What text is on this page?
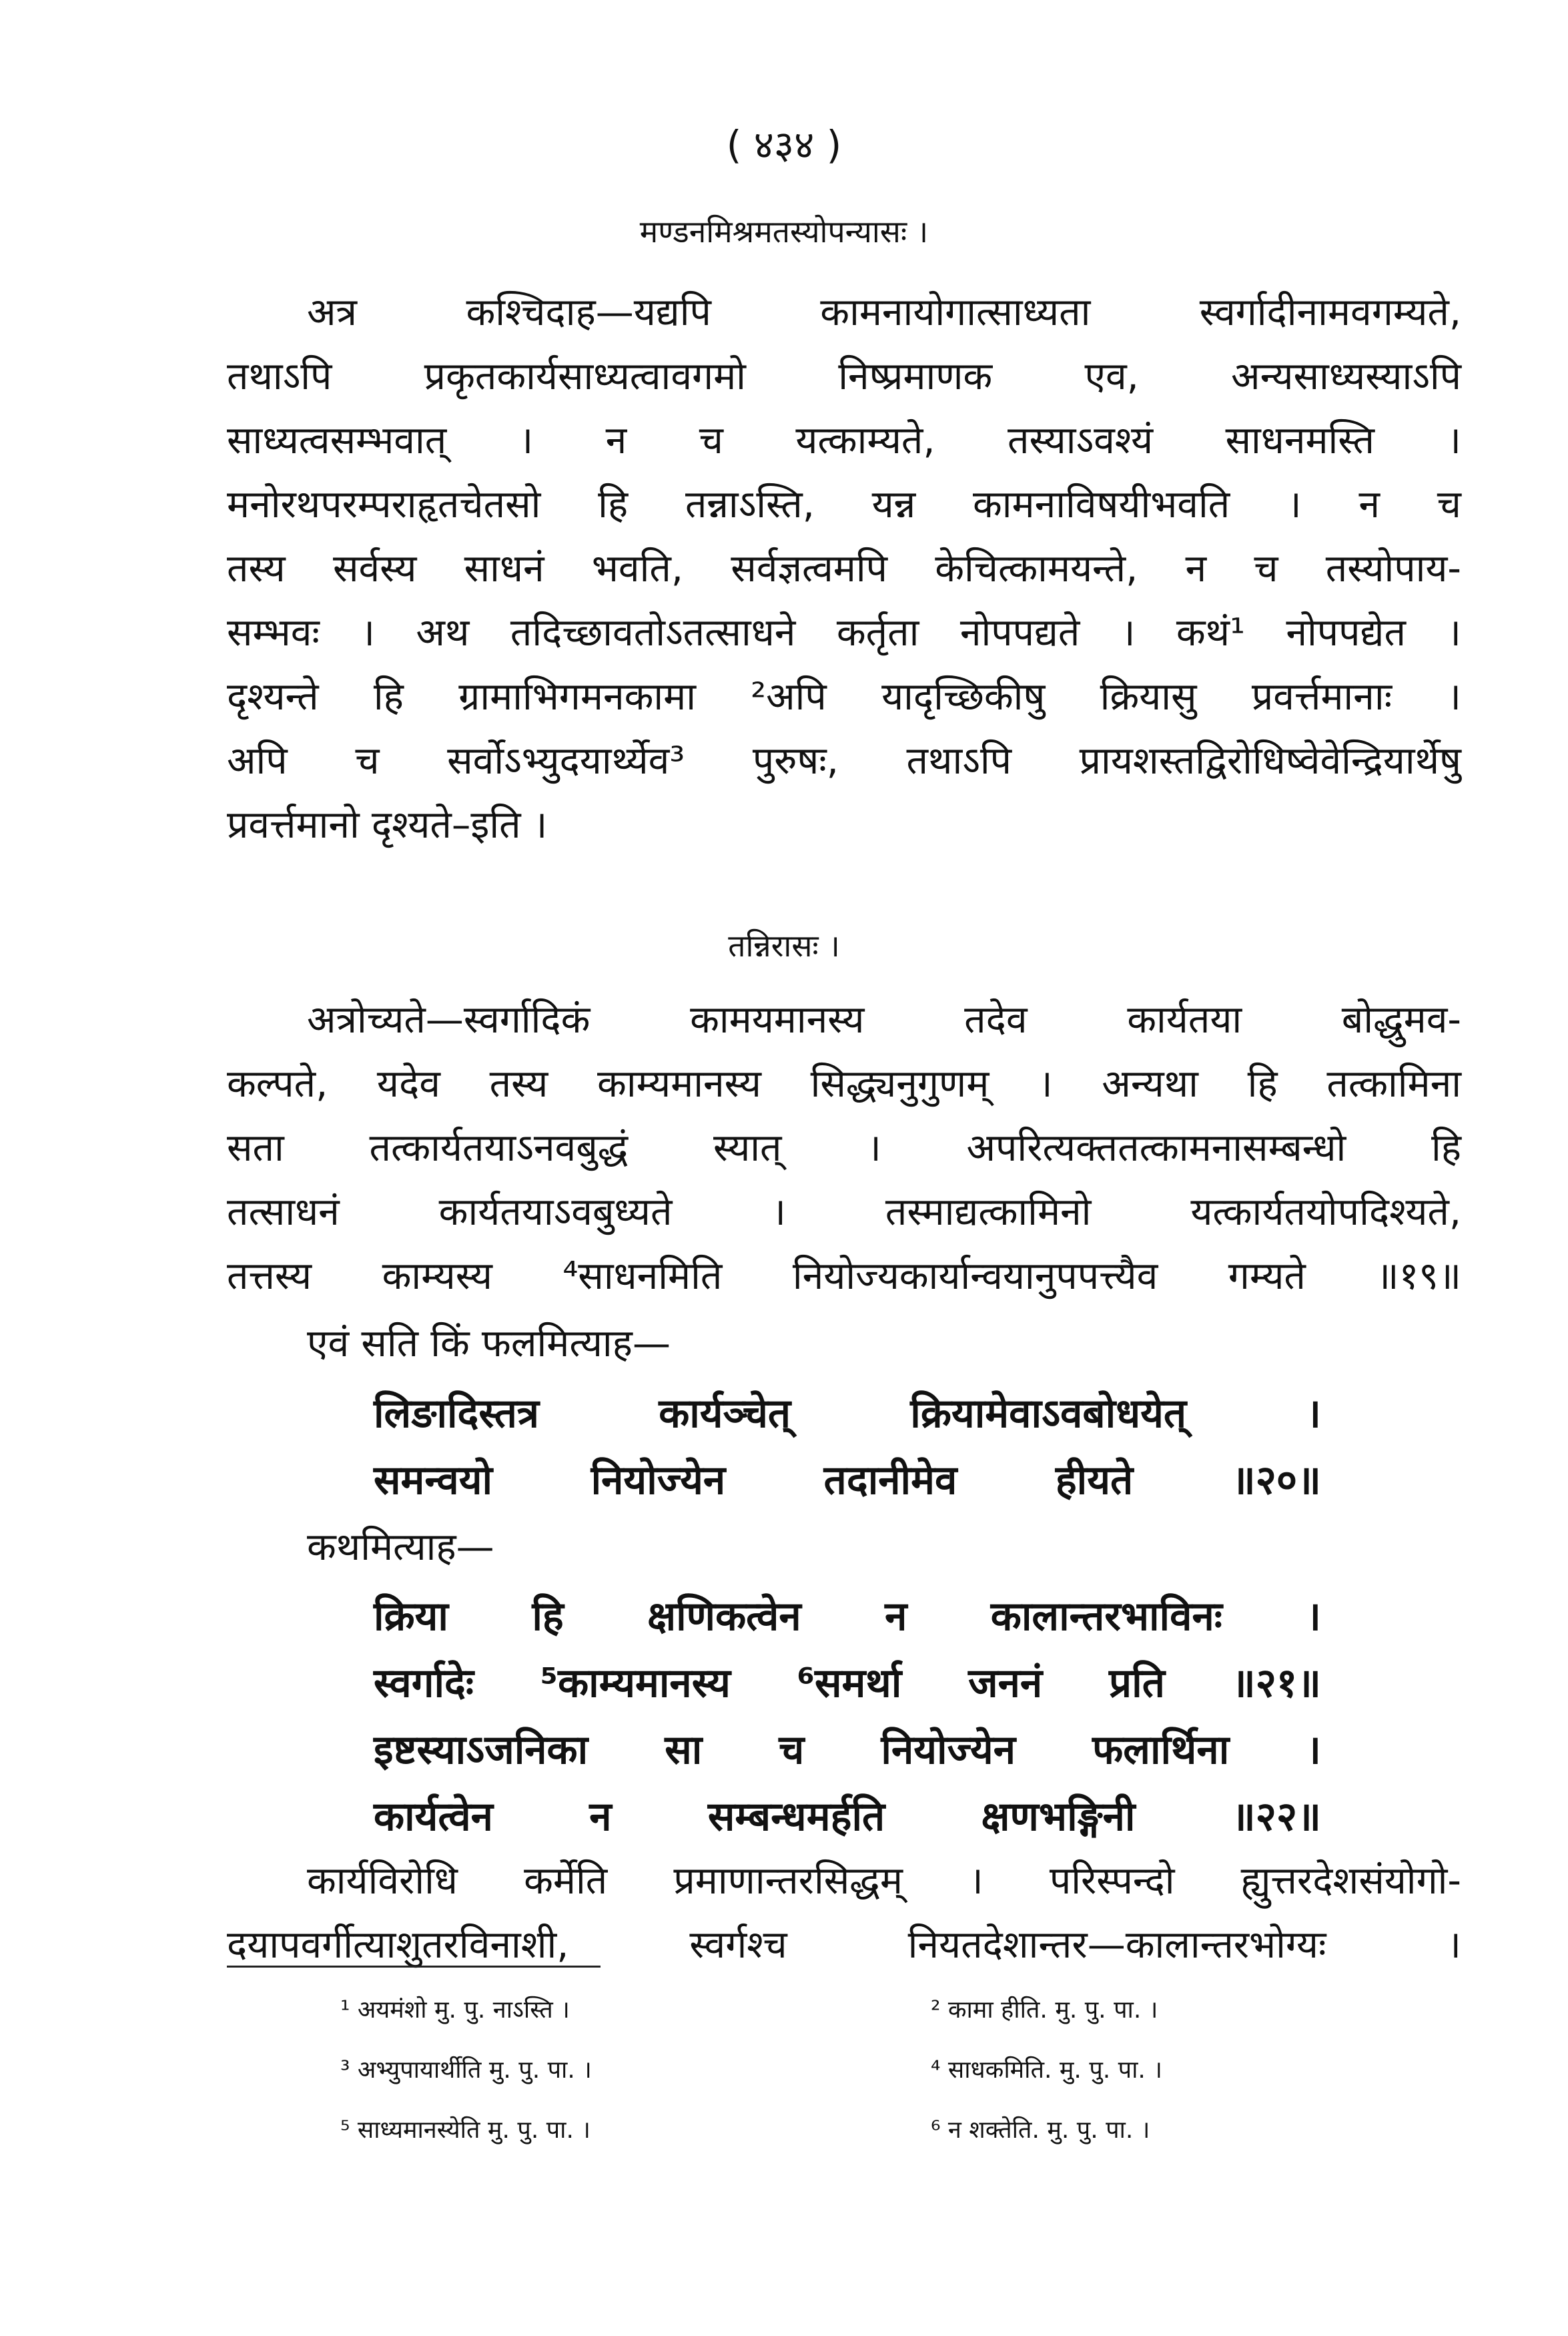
( ४३४ )
मण्डनमिश्रमतस्योपन्यासः ।
अत्र कश्चिदाह—यद्यपि कामनायोगात्साध्यता स्वर्गादीनामवगम्यते,
तथाऽपि प्रकृतकार्यसाध्यत्वावगमो निष्प्रमाणक एव, अन्यसाध्यस्याऽपि
साध्यत्वसम्भवात् । न च यत्काम्यते, तस्याऽवश्यं साधनमस्ति ।
मनोरथपरम्पराहृतचेतसो हि तन्नाऽस्ति, यन्न कामनाविषयीभवति । न च
तस्य सर्वस्य साधनं भवति, सर्वज्ञत्वमपि केचित्कामयन्ते, न च तस्योपाय-
सम्भवः । अथ तदिच्छावतोऽतत्साधने कर्तृता नोपपद्यते । कथं¹ नोपपद्येत ।
दृश्यन्ते हि ग्रामाभिगमनकामा ²अपि यादृच्छिकीषु क्रियासु प्रवर्त्तमानाः ।
अपि च सर्वोऽभ्युदयार्थ्येव³ पुरुषः, तथाऽपि प्रायशस्तद्विरोधिष्वेवेन्द्रियार्थेषु
प्रवर्त्तमानो दृश्यते–इति ।
तन्निरासः ।
अत्रोच्यते—स्वर्गादिकं कामयमानस्य तदेव कार्यतया बोद्धुमव-
कल्पते, यदेव तस्य काम्यमानस्य सिद्ध्यनुगुणम् । अन्यथा हि तत्कामिना
सता तत्कार्यतयाऽनवबुद्धं स्यात् । अपरित्यक्ततत्कामनासम्बन्धो हि
तत्साधनं कार्यतयाऽवबुध्यते । तस्माद्यत्कामिनो यत्कार्यतयोपदिश्यते,
तत्तस्य काम्यस्य ⁴साधनमिति नियोज्यकार्यान्वयानुपपत्त्यैव गम्यते ॥१९॥
एवं सति किं फलमित्याह—
लिङादिस्तत्र कार्यञ्चेत् क्रियामेवाऽवबोधयेत् ।
समन्वयो नियोज्येन तदानीमेव हीयते ॥२०॥
कथमित्याह—
क्रिया हि क्षणिकत्वेन न कालान्तरभाविनः ।
स्वर्गादेः ⁵काम्यमानस्य ⁶समर्था जननं प्रति ॥२१॥
इष्टस्याऽजनिका सा च नियोज्येन फलार्थिना ।
कार्यत्वेन न सम्बन्धमर्हति क्षणभङ्गिनी ॥२२॥
कार्यविरोधि कर्मेति प्रमाणान्तरसिद्धम् । परिस्पन्दो ह्युत्तरदेशसंयोगो-
दयापवर्गीत्याशुतरविनाशी, स्वर्गश्च नियतदेशान्तर—कालान्तरभोग्यः ।
¹ अयमंशो मु. पु. नाऽस्ति ।	² कामा हीति. मु. पु. पा. ।
³ अभ्युपायार्थीति मु. पु. पा. ।	⁴ साधकमिति. मु. पु. पा. ।
⁵ साध्यमानस्येति मु. पु. पा. ।	⁶ न शक्तेति. मु. पु. पा. ।
